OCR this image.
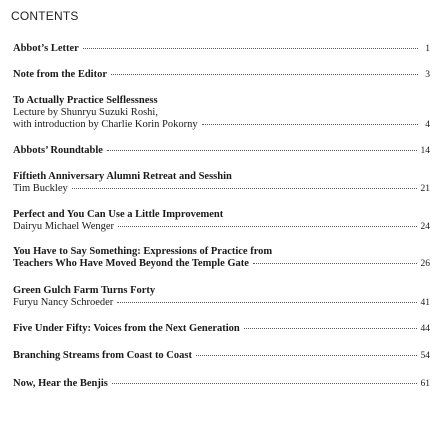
CONTENTS
Abbot’s Letter	1
Note from the Editor	3
To Actually Practice Selflessness
Lecture by Shunryu Suzuki Roshi,
with introduction by Charlie Korin Pokorny	4
Abbots’ Roundtable	14
Fiftieth Anniversary Alumni Retreat and Sesshin
Tim Buckley	21
Perfect and You Can Use a Little Improvement
Dairyu Michael Wenger	24
You Have to Say Something: Expressions of Practice from
Teachers Who Have Moved Beyond the Temple Gate	26
Green Gulch Farm Turns Forty
Furyu Nancy Schroeder	41
Five Under Fifty: Voices from the Next Generation	44
Branching Streams from Coast to Coast	54
Now, Hear the Benjis	61
